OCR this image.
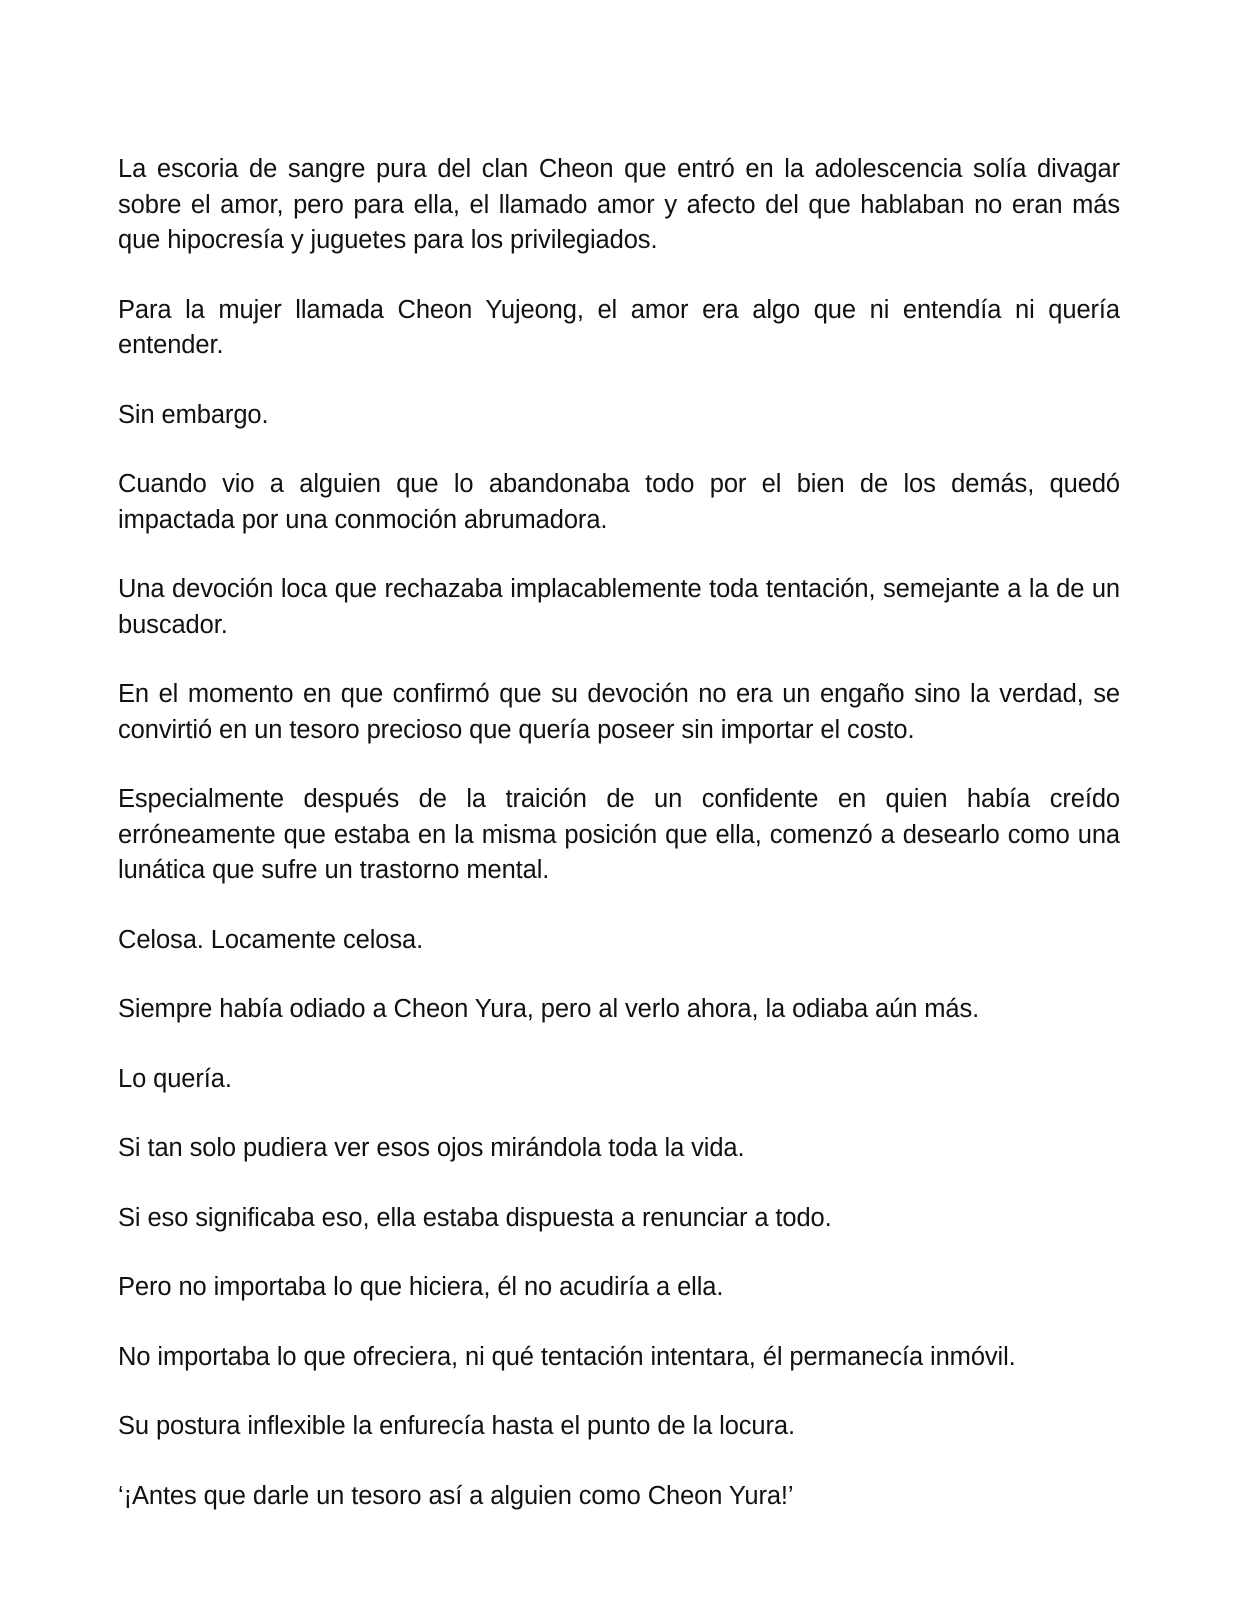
La escoria de sangre pura del clan Cheon que entró en la adolescencia solía divagar sobre el amor, pero para ella, el llamado amor y afecto del que hablaban no eran más que hipocresía y juguetes para los privilegiados.

Para la mujer llamada Cheon Yujeong, el amor era algo que ni entendía ni quería entender.

Sin embargo.

Cuando vio a alguien que lo abandonaba todo por el bien de los demás, quedó impactada por una conmoción abrumadora.

Una devoción loca que rechazaba implacablemente toda tentación, semejante a la de un buscador.

En el momento en que confirmó que su devoción no era un engaño sino la verdad, se convirtió en un tesoro precioso que quería poseer sin importar el costo.

Especialmente después de la traición de un confidente en quien había creído erróneamente que estaba en la misma posición que ella, comenzó a desearlo como una lunática que sufre un trastorno mental.

Celosa. Locamente celosa.

Siempre había odiado a Cheon Yura, pero al verlo ahora, la odiaba aún más.

Lo quería.

Si tan solo pudiera ver esos ojos mirándola toda la vida.

Si eso significaba eso, ella estaba dispuesta a renunciar a todo.

Pero no importaba lo que hiciera, él no acudiría a ella.

No importaba lo que ofreciera, ni qué tentación intentara, él permanecía inmóvil.

Su postura inflexible la enfurecía hasta el punto de la locura.

‘¡Antes que darle un tesoro así a alguien como Cheon Yura!’
